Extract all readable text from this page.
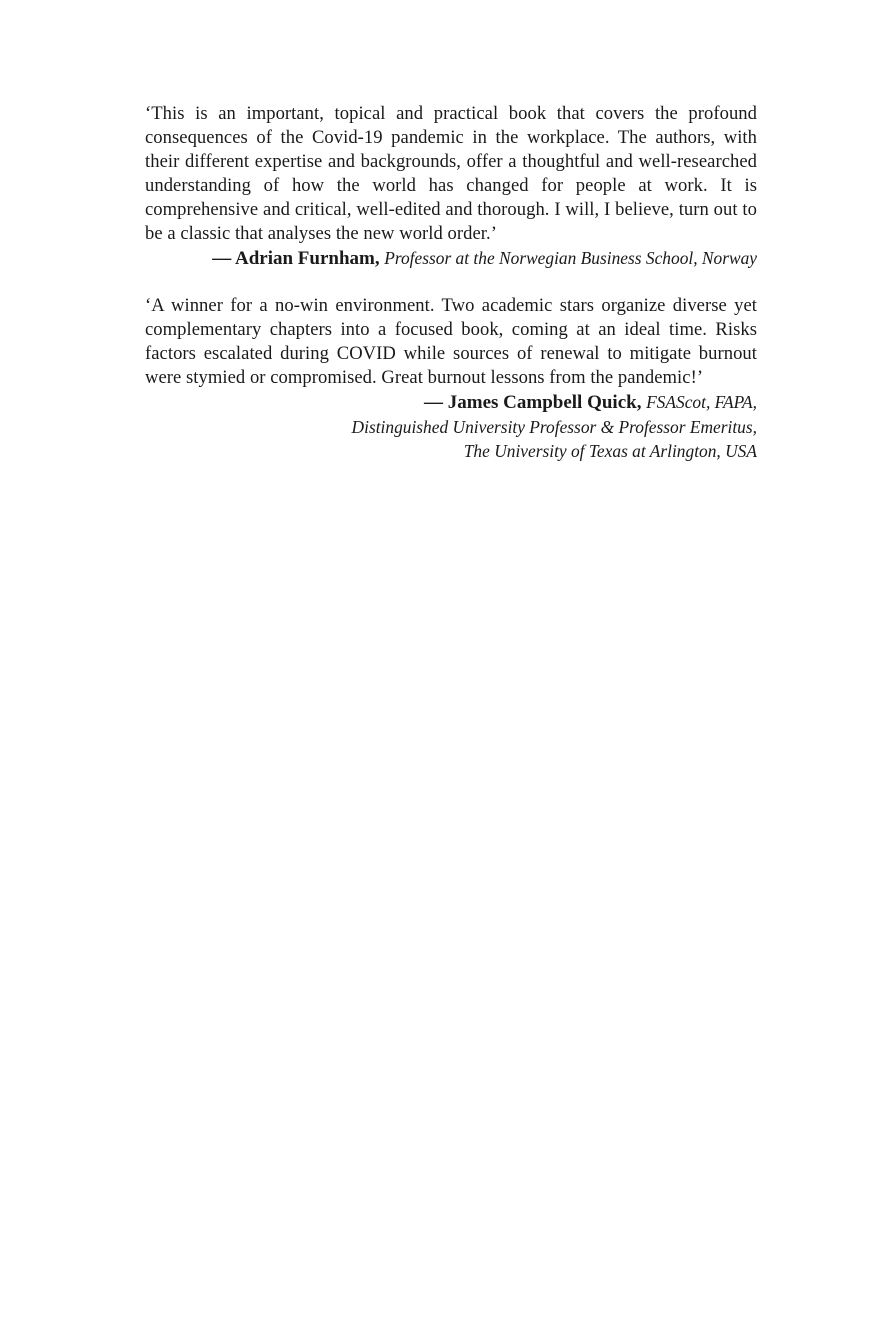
‘This is an important, topical and practical book that covers the profound consequences of the Covid-19 pandemic in the workplace. The authors, with their different expertise and backgrounds, offer a thoughtful and well-researched understanding of how the world has changed for people at work. It is comprehensive and critical, well-edited and thorough. I will, I believe, turn out to be a classic that analyses the new world order.’

— Adrian Furnham, Professor at the Norwegian Business School, Norway

‘A winner for a no-win environment. Two academic stars organize diverse yet complementary chapters into a focused book, coming at an ideal time. Risks factors escalated during COVID while sources of renewal to mitigate burnout were stymied or compromised. Great burnout lessons from the pandemic!’

— James Campbell Quick, FSAScot, FAPA,

Distinguished University Professor & Professor Emeritus,

The University of Texas at Arlington, USA
